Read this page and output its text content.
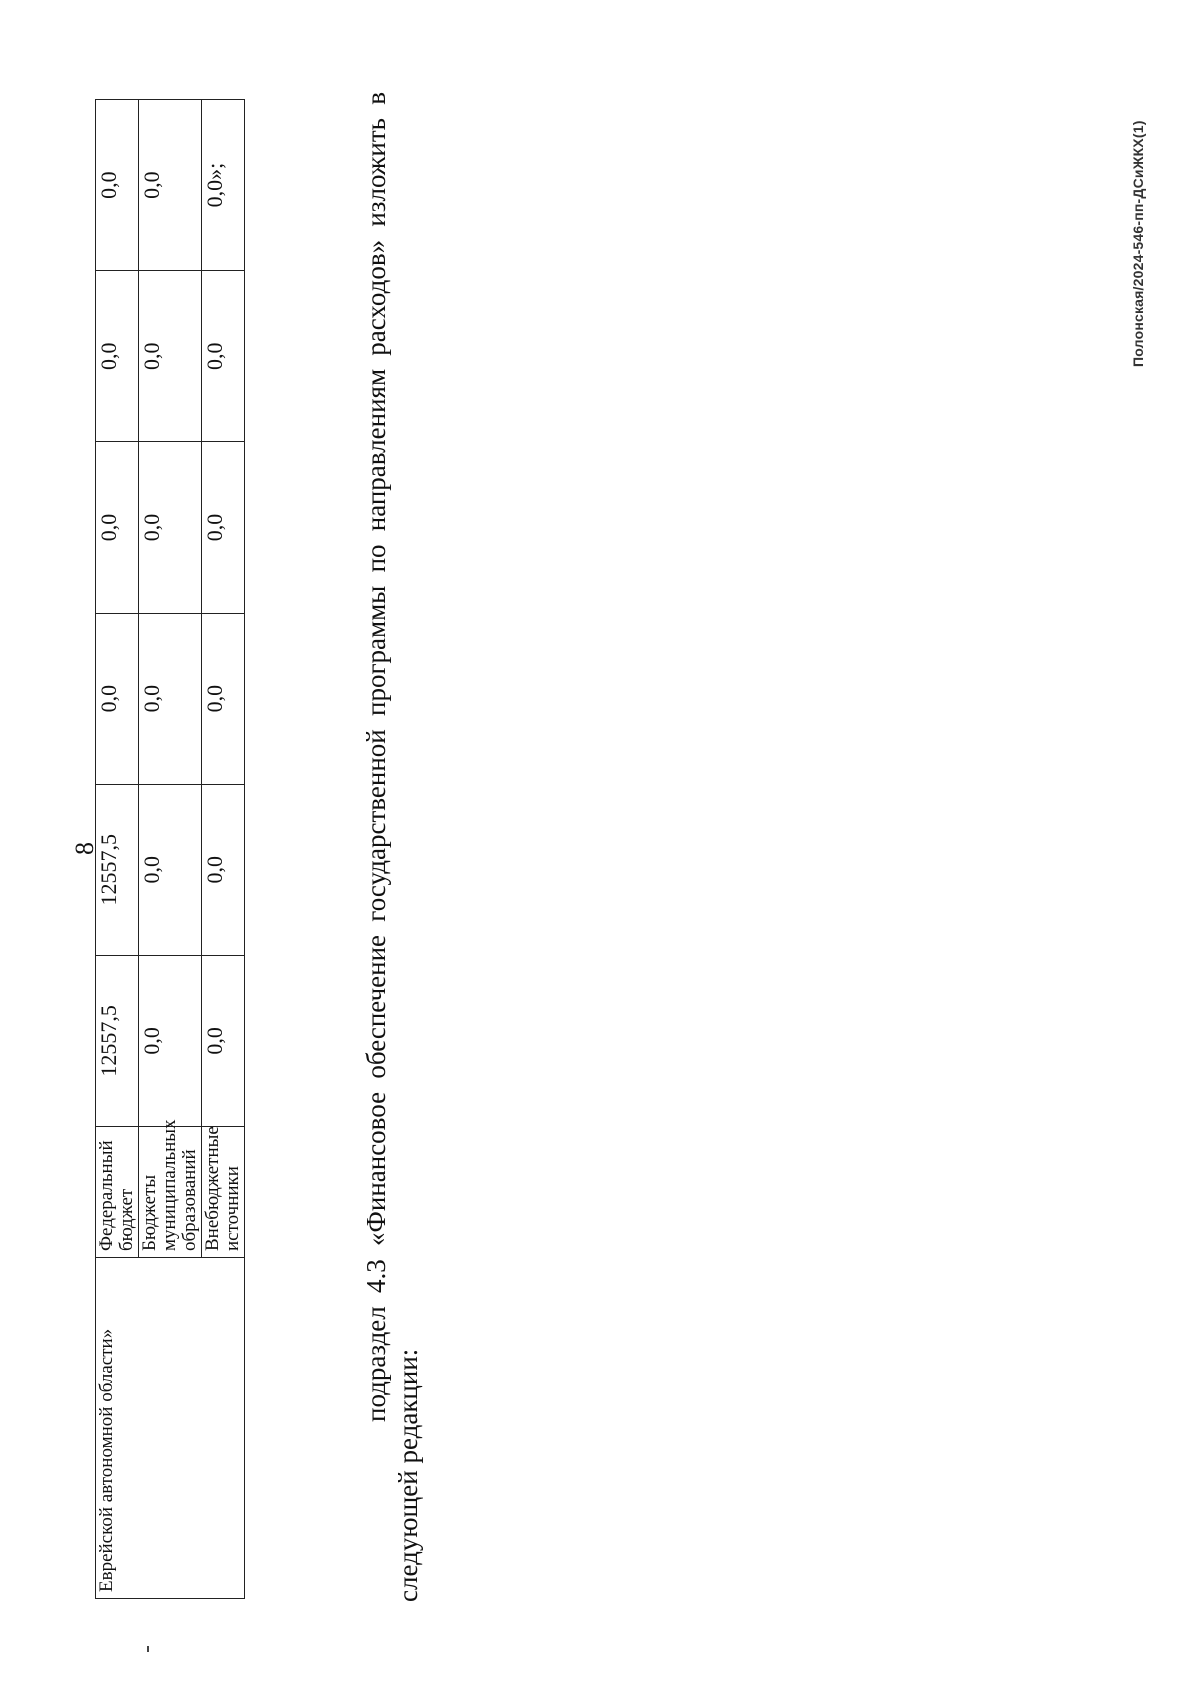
8
Еврейской автономной области»	Федеральный бюджет	12557,5	12557,5	0,0	0,0	0,0	0,0
	Бюджеты муниципальных образований	0,0	0,0	0,0	0,0	0,0	0,0
	Внебюджетные источники	0,0	0,0	0,0	0,0	0,0	0,0»;	подраздел 4.3 «Финансовое обеспечение государственной программы по направлениям расходов» изложить в
следующей редакции:
Полонская/2024-546-пп-ДСиЖКХ(1)
